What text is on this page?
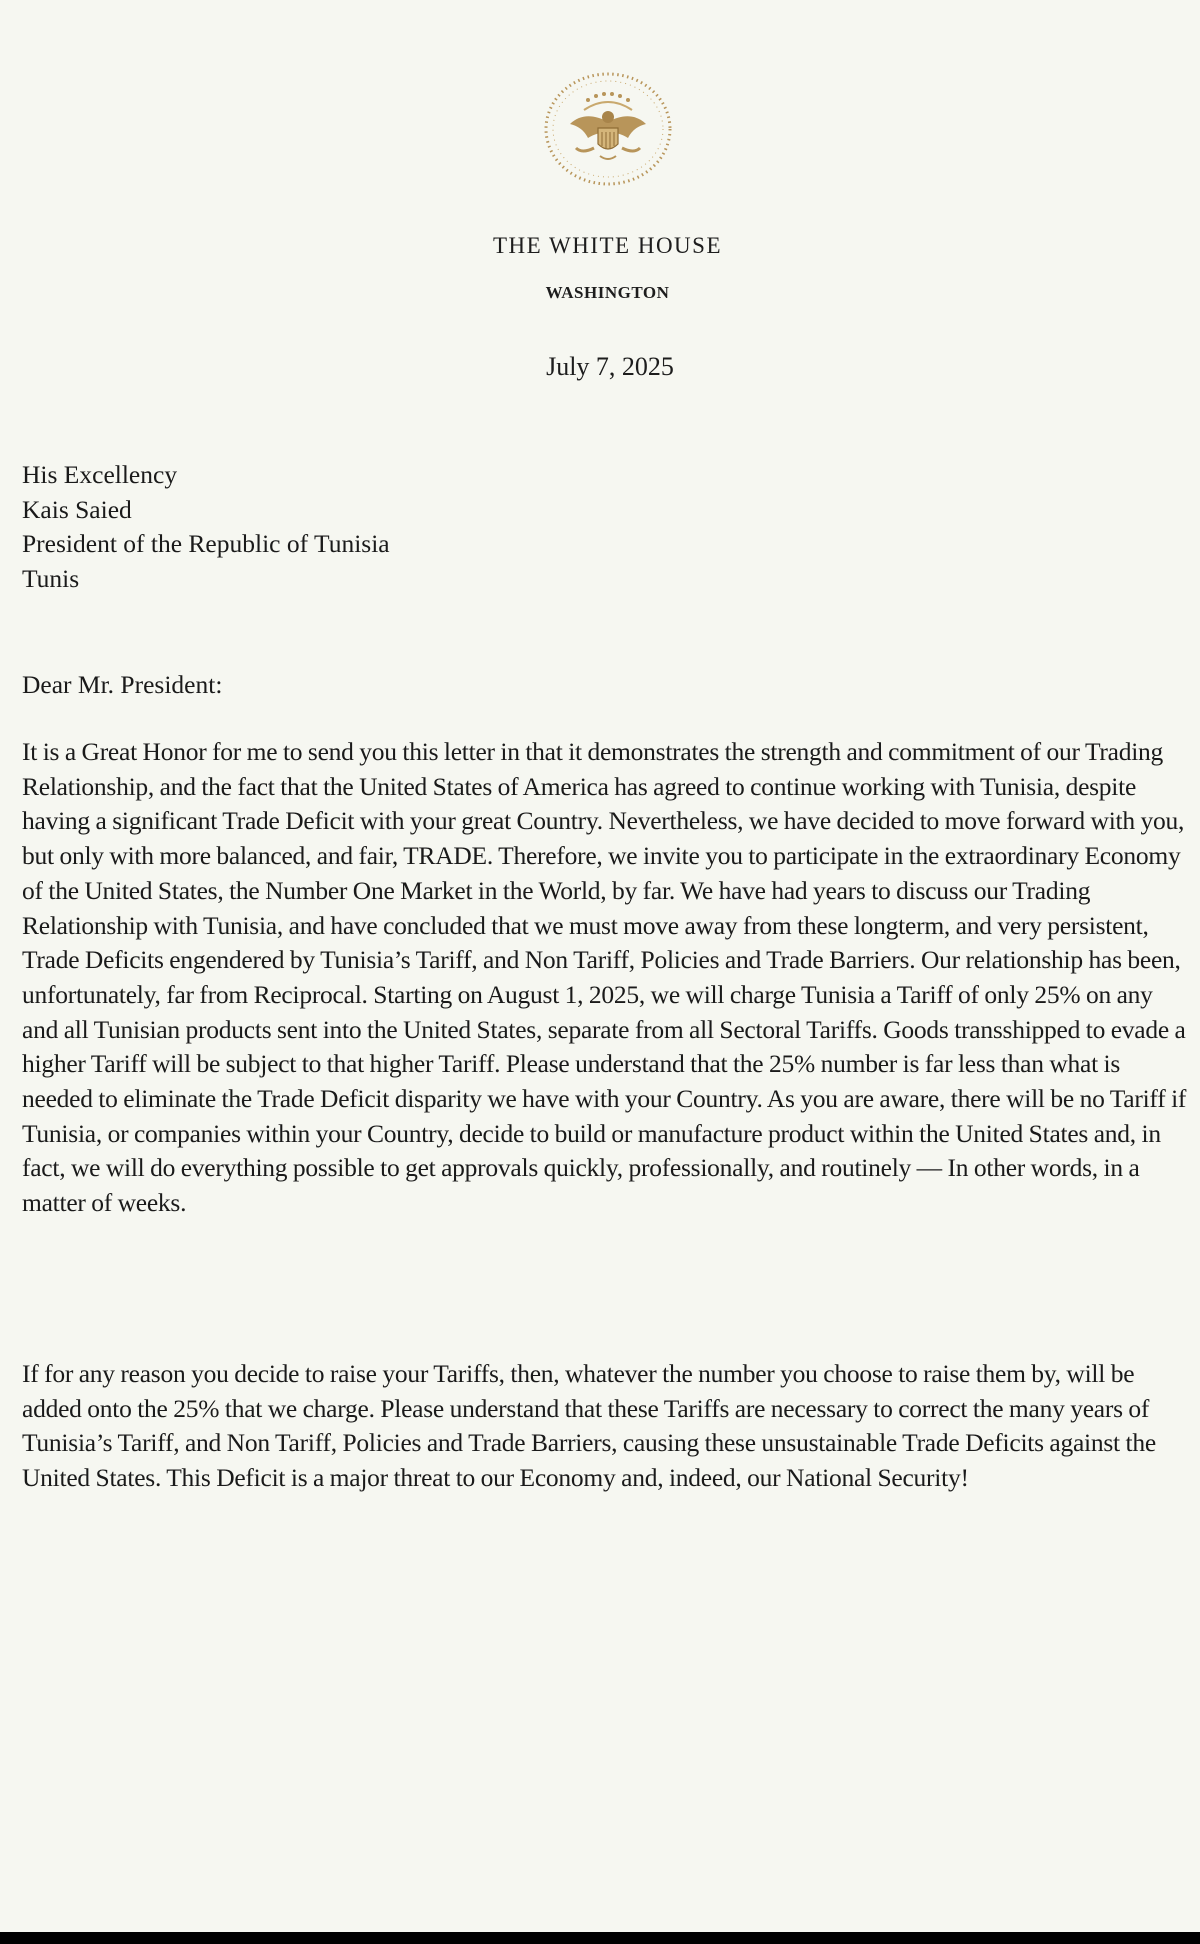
THE WHITE HOUSE
WASHINGTON
July 7, 2025
His Excellency
Kais Saied
President of the Republic of Tunisia
Tunis
Dear Mr. President:

It is a Great Honor for me to send you this letter in that it demonstrates the strength and commitment of our Trading Relationship, and the fact that the United States of America has agreed to continue working with Tunisia, despite having a significant Trade Deficit with your great Country. Nevertheless, we have decided to move forward with you, but only with more balanced, and fair, TRADE. Therefore, we invite you to participate in the extraordinary Economy of the United States, the Number One Market in the World, by far. We have had years to discuss our Trading Relationship with Tunisia, and have concluded that we must move away from these longterm, and very persistent, Trade Deficits engendered by Tunisia’s Tariff, and Non Tariff, Policies and Trade Barriers. Our relationship has been, unfortunately, far from Reciprocal. Starting on August 1, 2025, we will charge Tunisia a Tariff of only 25% on any and all Tunisian products sent into the United States, separate from all Sectoral Tariffs. Goods transshipped to evade a higher Tariff will be subject to that higher Tariff. Please understand that the 25% number is far less than what is needed to eliminate the Trade Deficit disparity we have with your Country. As you are aware, there will be no Tariff if Tunisia, or companies within your Country, decide to build or manufacture product within the United States and, in fact, we will do everything possible to get approvals quickly, professionally, and routinely — In other words, in a matter of weeks.

If for any reason you decide to raise your Tariffs, then, whatever the number you choose to raise them by, will be added onto the 25% that we charge. Please understand that these Tariffs are necessary to correct the many years of Tunisia’s Tariff, and Non Tariff, Policies and Trade Barriers, causing these unsustainable Trade Deficits against the United States. This Deficit is a major threat to our Economy and, indeed, our National Security!
